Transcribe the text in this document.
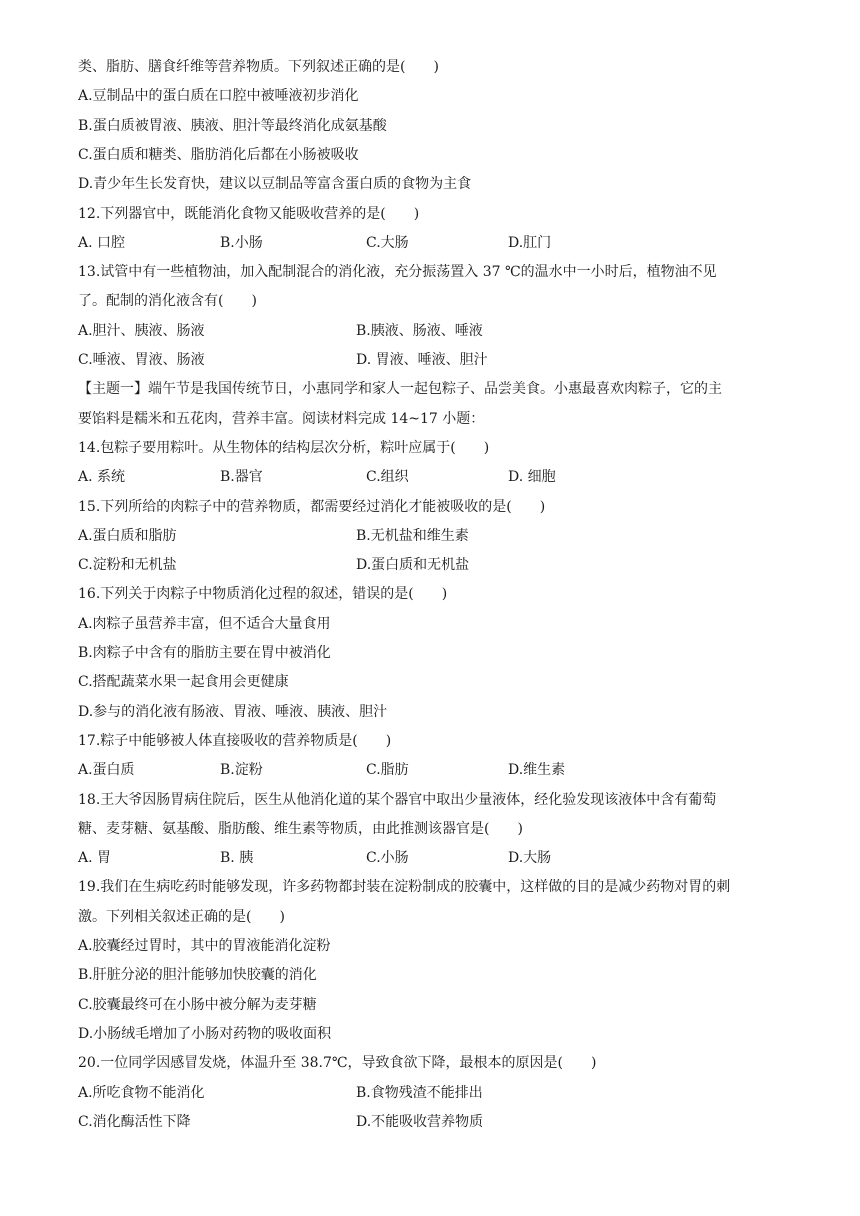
类、脂肪、膳食纤维等营养物质。下列叙述正确的是(　　)
A.豆制品中的蛋白质在口腔中被唾液初步消化
B.蛋白质被胃液、胰液、胆汁等最终消化成氨基酸
C.蛋白质和糖类、脂肪消化后都在小肠被吸收
D.青少年生长发育快，建议以豆制品等富含蛋白质的食物为主食
12.下列器官中，既能消化食物又能吸收营养的是(　　)
A. 口腔	B.小肠	C.大肠	D.肛门
13.试管中有一些植物油，加入配制混合的消化液，充分振荡置入 37 ℃的温水中一小时后，植物油不见
了。配制的消化液含有(　　)
A.胆汁、胰液、肠液	B.胰液、肠液、唾液
C.唾液、胃液、肠液	D. 胃液、唾液、胆汁
【主题一】端午节是我国传统节日，小惠同学和家人一起包粽子、品尝美食。小惠最喜欢肉粽子，它的主
要馅料是糯米和五花肉，营养丰富。阅读材料完成 14~17 小题：
14.包粽子要用粽叶。从生物体的结构层次分析，粽叶应属于(　　)
A. 系统	B.器官	C.组织	D. 细胞
15.下列所给的肉粽子中的营养物质，都需要经过消化才能被吸收的是(　　)
A.蛋白质和脂肪	B.无机盐和维生素
C.淀粉和无机盐	D.蛋白质和无机盐
16.下列关于肉粽子中物质消化过程的叙述，错误的是(　　)
A.肉粽子虽营养丰富，但不适合大量食用
B.肉粽子中含有的脂肪主要在胃中被消化
C.搭配蔬菜水果一起食用会更健康
D.参与的消化液有肠液、胃液、唾液、胰液、胆汁
17.粽子中能够被人体直接吸收的营养物质是(　　)
A.蛋白质	B.淀粉	C.脂肪	D.维生素
18.王大爷因肠胃病住院后，医生从他消化道的某个器官中取出少量液体，经化验发现该液体中含有葡萄
糖、麦芽糖、氨基酸、脂肪酸、维生素等物质，由此推测该器官是(　　)
A. 胃	B. 胰	C.小肠	D.大肠
19.我们在生病吃药时能够发现，许多药物都封装在淀粉制成的胶囊中，这样做的目的是减少药物对胃的刺
激。下列相关叙述正确的是(　　)
A.胶囊经过胃时，其中的胃液能消化淀粉
B.肝脏分泌的胆汁能够加快胶囊的消化
C.胶囊最终可在小肠中被分解为麦芽糖
D.小肠绒毛增加了小肠对药物的吸收面积
20.一位同学因感冒发烧，体温升至 38.7℃，导致食欲下降，最根本的原因是(　　)
A.所吃食物不能消化	B.食物残渣不能排出
C.消化酶活性下降	D.不能吸收营养物质
